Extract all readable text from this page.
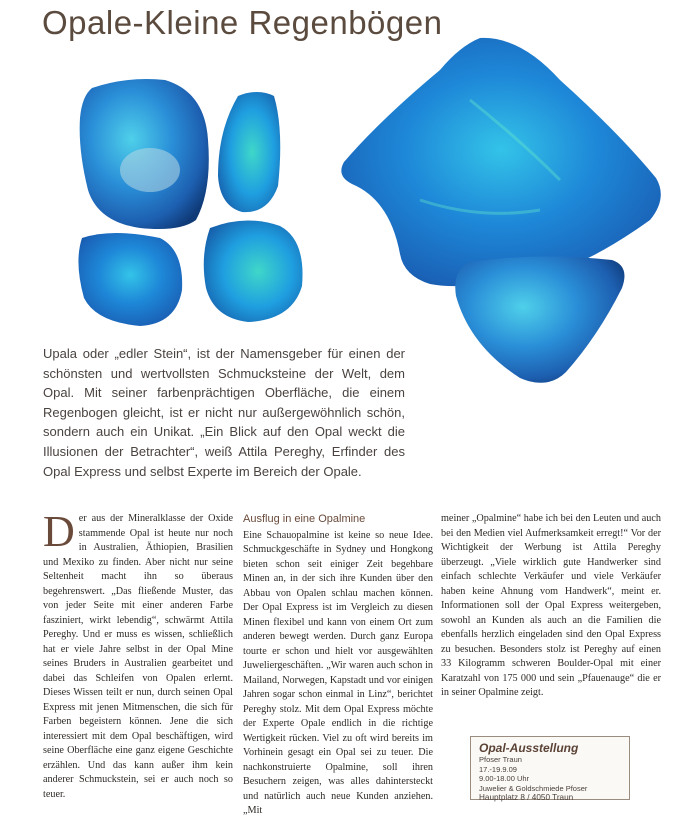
Opale-Kleine Regenbögen

Upala oder „edler Stein“, ist der Namensgeber für einen der schönsten und wertvollsten Schmucksteine der Welt, dem Opal. Mit seiner farbenprächtigen Oberfläche, die einem Regenbogen gleicht, ist er nicht nur außergewöhnlich schön, sondern auch ein Unikat. „Ein Blick auf den Opal weckt die Illusionen der Betrachter“, weiß Attila Pereghy, Erfinder des Opal Express und selbst Experte im Bereich der Opale.

D er aus der Mineralklasse der Oxide stammende Opal ist heute nur noch in Australien, Äthiopien, Brasilien und Mexiko zu finden. Aber nicht nur seine Seltenheit macht ihn so überaus begehrenswert. „Das fließende Muster, das von jeder Seite mit einer anderen Farbe fasziniert, wirkt lebendig“, schwärmt Attila Pereghy. Und er muss es wissen, schließlich hat er viele Jahre selbst in der Opal Mine seines Bruders in Australien gearbeitet und dabei das Schleifen von Opalen erlernt. Dieses Wissen teilt er nun, durch seinen Opal Express mit jenen Mitmenschen, die sich für Farben begeistern können. Jene die sich interessiert mit dem Opal beschäftigen, wird seine Oberfläche eine ganz eigene Geschichte erzählen. Und das kann außer ihm kein anderer Schmuckstein, sei er auch noch so teuer.

Ausflug in eine Opalmine

Eine Schauopalmine ist keine so neue Idee. Schmuckgeschäfte in Sydney und Hongkong bieten schon seit einiger Zeit begehbare Minen an, in der sich ihre Kunden über den Abbau von Opalen schlau machen können. Der Opal Express ist im Vergleich zu diesen Minen flexibel und kann von einem Ort zum anderen bewegt werden. Durch ganz Europa tourte er schon und hielt vor ausgewählten Juweliergeschäften. „Wir waren auch schon in Mailand, Norwegen, Kapstadt und vor einigen Jahren sogar schon einmal in Linz“, berichtet Pereghy stolz. Mit dem Opal Express möchte der Experte Opale endlich in die richtige Wertigkeit rücken. Viel zu oft wird bereits im Vorhinein gesagt ein Opal sei zu teuer. Die nachkonstruierte Opalmine, soll ihren Besuchern zeigen, was alles dahintersteckt und natürlich auch neue Kunden anziehen. „Mit

meiner „Opalmine“ habe ich bei den Leuten und auch bei den Medien viel Aufmerksamkeit erregt!“ Vor der Wichtigkeit der Werbung ist Attila Pereghy überzeugt. „Viele wirklich gute Handwerker sind einfach schlechte Verkäufer und viele Verkäufer haben keine Ahnung vom Handwerk“, meint er. Informationen soll der Opal Express weitergeben, sowohl an Kunden als auch an die Familien die ebenfalls herzlich eingeladen sind den Opal Express zu besuchen. Besonders stolz ist Pereghy auf einen 33 Kilogramm schweren Boulder-Opal mit einer Karatzahl von 175 000 und sein „Pfauenauge“ die er in seiner Opalmine zeigt.

Opal-Ausstellung
Pfoser Traun
17.-19.9.09
9.00-18.00 Uhr
Juwelier & Goldschmiede Pfoser
Hauptplatz 8 / 4050 Traun
